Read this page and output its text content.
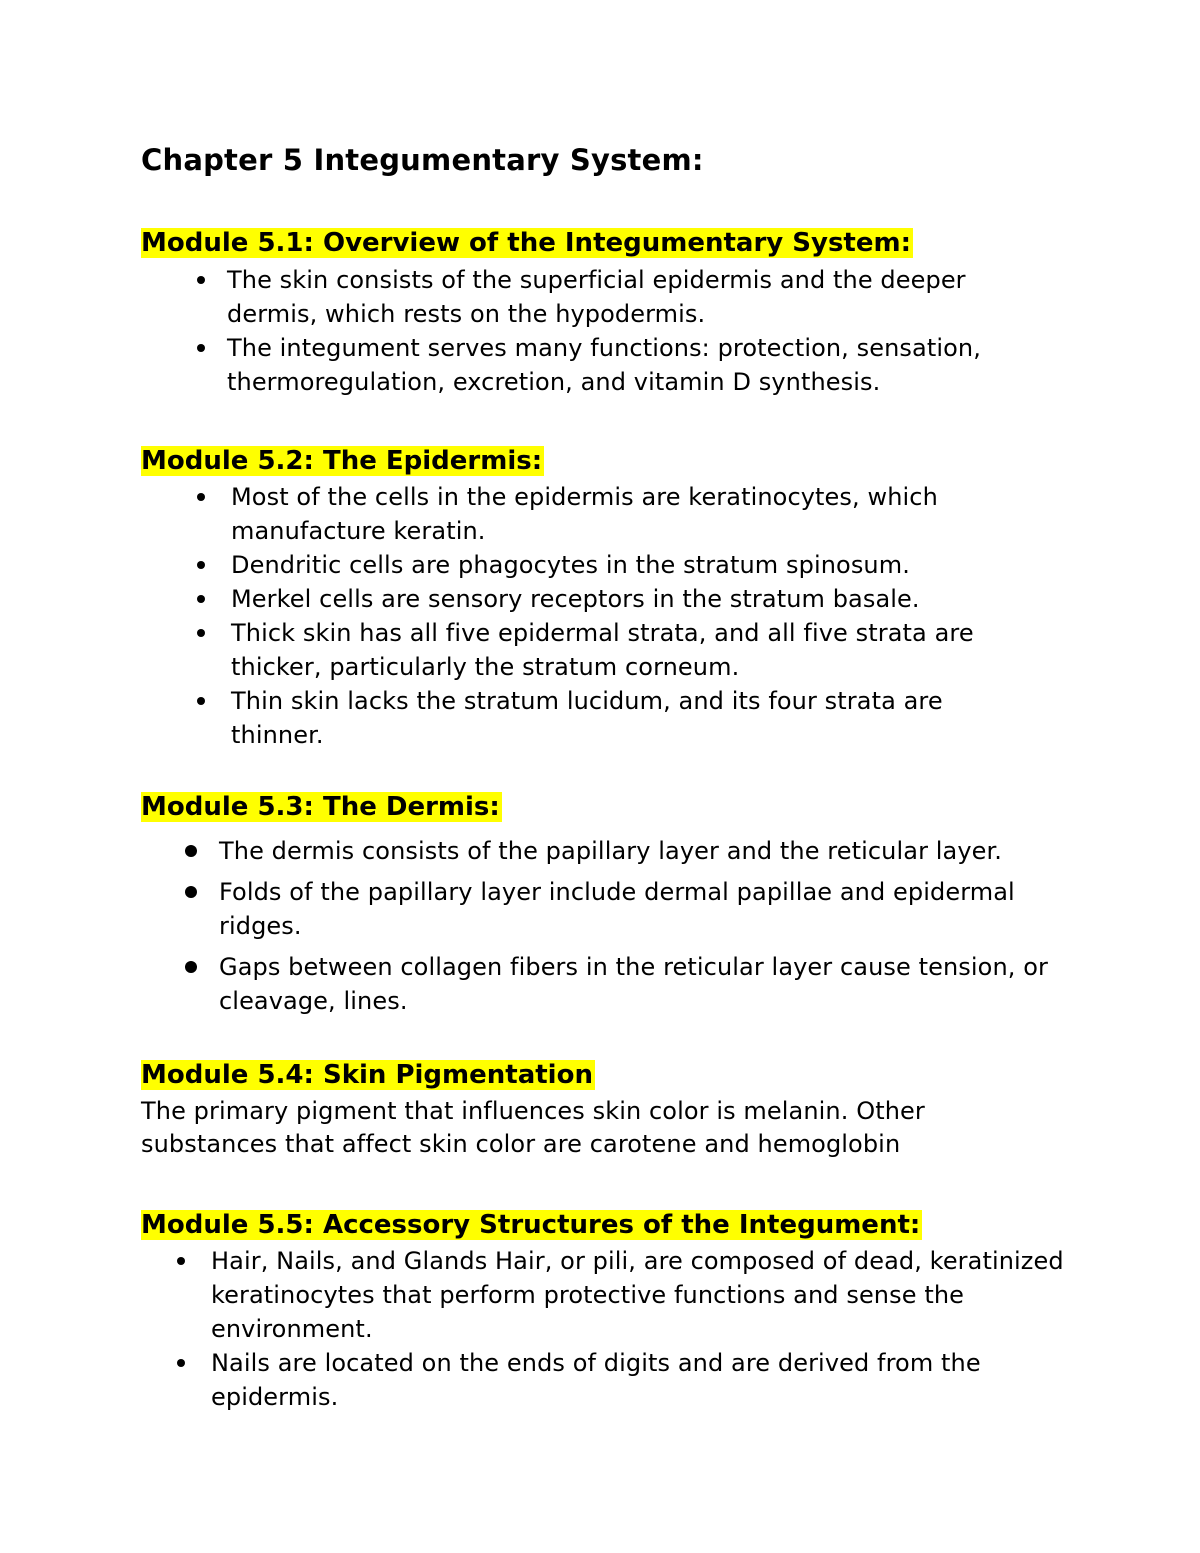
Chapter 5 Integumentary System:
Module 5.1: Overview of the Integumentary System:
The skin consists of the superficial epidermis and the deeper dermis, which rests on the hypodermis.
The integument serves many functions: protection, sensation, thermoregulation, excretion, and vitamin D synthesis.
Module 5.2: The Epidermis:
Most of the cells in the epidermis are keratinocytes, which manufacture keratin.
Dendritic cells are phagocytes in the stratum spinosum.
Merkel cells are sensory receptors in the stratum basale.
Thick skin has all five epidermal strata, and all five strata are thicker, particularly the stratum corneum.
Thin skin lacks the stratum lucidum, and its four strata are thinner.
Module 5.3: The Dermis:
The dermis consists of the papillary layer and the reticular layer.
Folds of the papillary layer include dermal papillae and epidermal ridges.
Gaps between collagen fibers in the reticular layer cause tension, or cleavage, lines.
Module 5.4: Skin Pigmentation

The primary pigment that influences skin color is melanin. Other substances that affect skin color are carotene and hemoglobin

Module 5.5: Accessory Structures of the Integument:
Hair, Nails, and Glands Hair, or pili, are composed of dead, keratinized keratinocytes that perform protective functions and sense the environment.
Nails are located on the ends of digits and are derived from the epidermis.
